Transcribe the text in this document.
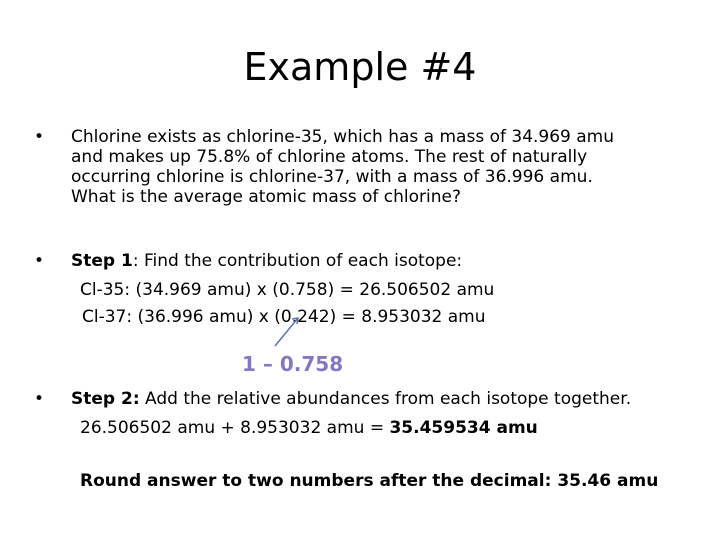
Example #4
• Chlorine exists as chlorine-35, which has a mass of 34.969 amu
and makes up 75.8% of chlorine atoms. The rest of naturally
occurring chlorine is chlorine-37, with a mass of 36.996 amu.
What is the average atomic mass of chlorine?
• Step 1: Find the contribution of each isotope:
Cl-35: (34.969 amu) x (0.758) = 26.506502 amu
Cl-37: (36.996 amu) x (0.242) = 8.953032 amu
1 – 0.758
• Step 2: Add the relative abundances from each isotope together.
26.506502 amu + 8.953032 amu = 35.459534 amu
Round answer to two numbers after the decimal: 35.46 amu
